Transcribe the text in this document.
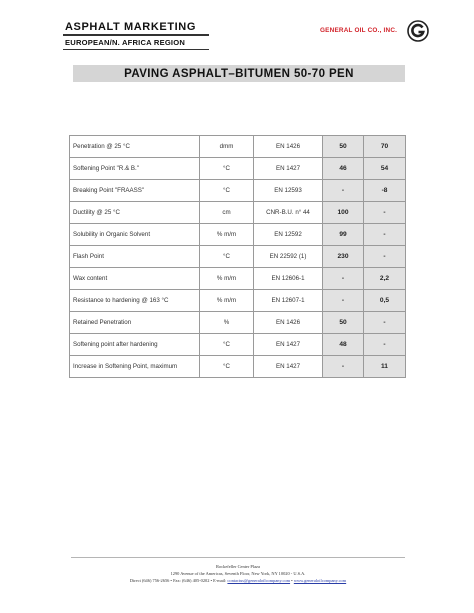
ASPHALT MARKETING
EUROPEAN/N. AFRICA REGION
GENERAL OIL CO., INC.
PAVING ASPHALT–BITUMEN 50-70 PEN
Penetration @ 25 °C	dmm	EN 1426	50	70
Softening Point "R.& B."	°C	EN 1427	46	54
Breaking Point "FRAASS"	°C	EN 12593	-	-8
Ductility @ 25 °C	cm	CNR-B.U. n° 44	100	-
Solubility in Organic Solvent	% m/m	EN 12592	99	-
Flash Point	°C	EN 22592 (1)	230	-
Wax content	% m/m	EN 12606-1	-	2,2
Resistance to hardening @ 163 °C	% m/m	EN 12607-1	-	0,5
Retained Penetration	%	EN 1426	50	-
Softening point after hardening	°C	EN 1427	48	-
Increase in Softening Point, maximum	°C	EN 1427	-	11
Rockefeller Center Plaza
1290 Avenue of the Americas, Seventh Floor, New York, NY 10020 - U.S.A.
Direct (646) 756-2656 • Fax: (646) 405-0202 • E-mail: contactus@generaloilcompany.com • www.generaloilcompany.com
